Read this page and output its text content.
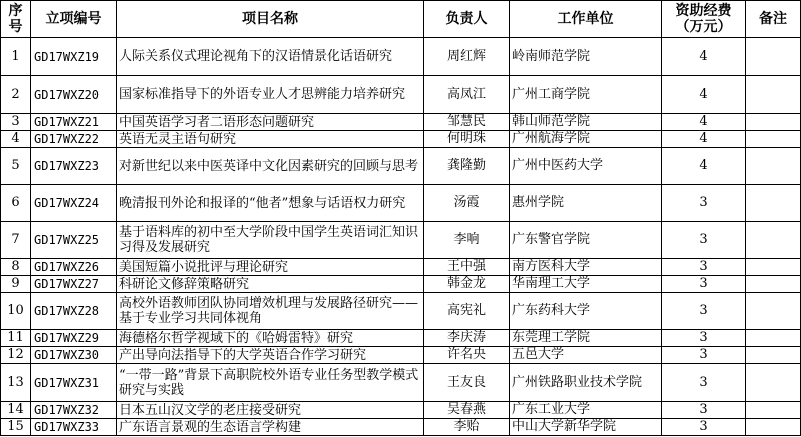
序号	立项编号	项目名称	负责人	工作单位	资助经费（万元）	备注
1	GD17WXZ19	人际关系仪式理论视角下的汉语情景化话语研究	周红辉	岭南师范学院	4	
2	GD17WXZ20	国家标准指导下的外语专业人才思辨能力培养研究	高凤江	广州工商学院	4	
3	GD17WXZ21	中国英语学习者二语形态问题研究	邹慧民	韩山师范学院	4	
4	GD17WXZ22	英语无灵主语句研究	何明珠	广州航海学院	4	
5	GD17WXZ23	对新世纪以来中医英译中文化因素研究的回顾与思考	龚隆勤	广州中医药大学	4	
6	GD17WXZ24	晚清报刊外论和报译的“他者”想象与话语权力研究	汤霞	惠州学院	3	
7	GD17WXZ25	基于语料库的初中至大学阶段中国学生英语词汇知识习得及发展研究	李响	广东警官学院	3	
8	GD17WXZ26	美国短篇小说批评与理论研究	王中强	南方医科大学	3	
9	GD17WXZ27	科研论文修辞策略研究	韩金龙	华南理工大学	3	
10	GD17WXZ28	高校外语教师团队协同增效机理与发展路径研究——基于专业学习共同体视角	高宪礼	广东药科大学	3	
11	GD17WXZ29	海德格尔哲学视域下的《哈姆雷特》研究	李庆涛	东莞理工学院	3	
12	GD17WXZ30	产出导向法指导下的大学英语合作学习研究	许名央	五邑大学	3	
13	GD17WXZ31	“一带一路”背景下高职院校外语专业任务型教学模式研究与实践	王友良	广州铁路职业技术学院	3	
14	GD17WXZ32	日本五山汉文学的老庄接受研究	吴春燕	广东工业大学	3	
15	GD17WXZ33	广东语言景观的生态语言学构建	李贻	中山大学新华学院	3	
